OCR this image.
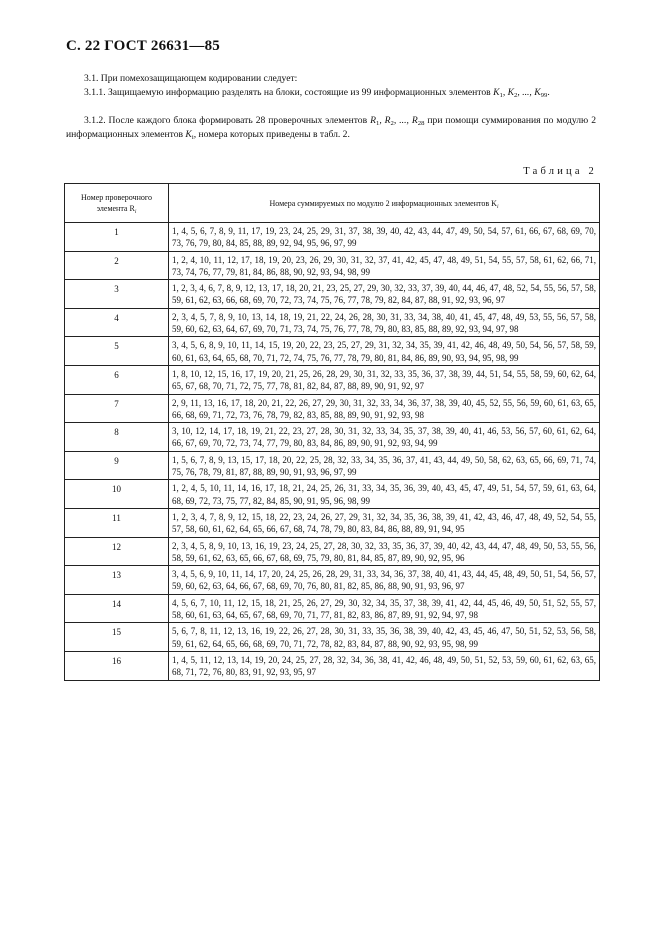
С. 22 ГОСТ 26631—85
3.1. При помехозащищающем кодировании следует:
3.1.1. Защищаемую информацию разделять на блоки, состоящие из 99 информационных элементов $K_1$, $K_2$, ..., $K_{99}$.
3.1.2. После каждого блока формировать 28 проверочных элементов $R_1$, $R_2$, ..., $R_{28}$ при помощи суммирования по модулю 2 информационных элементов $K_i$, номера которых приведены в табл. 2.
Таблица 2
Номер проверочного элемента $R_i$	Номера суммируемых по модулю 2 информационных элементов $K_i$
1	1, 4, 5, 6, 7, 8, 9, 11, 17, 19, 23, 24, 25, 29, 31, 37, 38, 39, 40, 42, 43, 44, 47, 49, 50, 54, 57, 61, 66, 67, 68, 69, 70, 73, 76, 79, 80, 84, 85, 88, 89, 92, 94, 95, 96, 97, 99
2	1, 2, 4, 10, 11, 12, 17, 18, 19, 20, 23, 26, 29, 30, 31, 32, 37, 41, 42, 45, 47, 48, 49, 51, 54, 55, 57, 58, 61, 62, 66, 71, 73, 74, 76, 77, 79, 81, 84, 86, 88, 90, 92, 93, 94, 98, 99
3	1, 2, 3, 4, 6, 7, 8, 9, 12, 13, 17, 18, 20, 21, 23, 25, 27, 29, 30, 32, 33, 37, 39, 40, 44, 46, 47, 48, 52, 54, 55, 56, 57, 58, 59, 61, 62, 63, 66, 68, 69, 70, 72, 73, 74, 75, 76, 77, 78, 79, 82, 84, 87, 88, 91, 92, 93, 96, 97
4	2, 3, 4, 5, 7, 8, 9, 10, 13, 14, 18, 19, 21, 22, 24, 26, 28, 30, 31, 33, 34, 38, 40, 41, 45, 47, 48, 49, 53, 55, 56, 57, 58, 59, 60, 62, 63, 64, 67, 69, 70, 71, 73, 74, 75, 76, 77, 78, 79, 80, 83, 85, 88, 89, 92, 93, 94, 97, 98
5	3, 4, 5, 6, 8, 9, 10, 11, 14, 15, 19, 20, 22, 23, 25, 27, 29, 31, 32, 34, 35, 39, 41, 42, 46, 48, 49, 50, 54, 56, 57, 58, 59, 60, 61, 63, 64, 65, 68, 70, 71, 72, 74, 75, 76, 77, 78, 79, 80, 81, 84, 86, 89, 90, 93, 94, 95, 98, 99
6	1, 8, 10, 12, 15, 16, 17, 19, 20, 21, 25, 26, 28, 29, 30, 31, 32, 33, 35, 36, 37, 38, 39, 44, 51, 54, 55, 58, 59, 60, 62, 64, 65, 67, 68, 70, 71, 72, 75, 77, 78, 81, 82, 84, 87, 88, 89, 90, 91, 92, 97
7	2, 9, 11, 13, 16, 17, 18, 20, 21, 22, 26, 27, 29, 30, 31, 32, 33, 34, 36, 37, 38, 39, 40, 45, 52, 55, 56, 59, 60, 61, 63, 65, 66, 68, 69, 71, 72, 73, 76, 78, 79, 82, 83, 85, 88, 89, 90, 91, 92, 93, 98
8	3, 10, 12, 14, 17, 18, 19, 21, 22, 23, 27, 28, 30, 31, 32, 33, 34, 35, 37, 38, 39, 40, 41, 46, 53, 56, 57, 60, 61, 62, 64, 66, 67, 69, 70, 72, 73, 74, 77, 79, 80, 83, 84, 86, 89, 90, 91, 92, 93, 94, 99
9	1, 5, 6, 7, 8, 9, 13, 15, 17, 18, 20, 22, 25, 28, 32, 33, 34, 35, 36, 37, 41, 43, 44, 49, 50, 58, 62, 63, 65, 66, 69, 71, 74, 75, 76, 78, 79, 81, 87, 88, 89, 90, 91, 93, 96, 97, 99
10	1, 2, 4, 5, 10, 11, 14, 16, 17, 18, 21, 24, 25, 26, 31, 33, 34, 35, 36, 39, 40, 43, 45, 47, 49, 51, 54, 57, 59, 61, 63, 64, 68, 69, 72, 73, 75, 77, 82, 84, 85, 90, 91, 95, 96, 98, 99
11	1, 2, 3, 4, 7, 8, 9, 12, 15, 18, 22, 23, 24, 26, 27, 29, 31, 32, 34, 35, 36, 38, 39, 41, 42, 43, 46, 47, 48, 49, 52, 54, 55, 57, 58, 60, 61, 62, 64, 65, 66, 67, 68, 74, 78, 79, 80, 83, 84, 86, 88, 89, 91, 94, 95
12	2, 3, 4, 5, 8, 9, 10, 13, 16, 19, 23, 24, 25, 27, 28, 30, 32, 33, 35, 36, 37, 39, 40, 42, 43, 44, 47, 48, 49, 50, 53, 55, 56, 58, 59, 61, 62, 63, 65, 66, 67, 68, 69, 75, 79, 80, 81, 84, 85, 87, 89, 90, 92, 95, 96
13	3, 4, 5, 6, 9, 10, 11, 14, 17, 20, 24, 25, 26, 28, 29, 31, 33, 34, 36, 37, 38, 40, 41, 43, 44, 45, 48, 49, 50, 51, 54, 56, 57, 59, 60, 62, 63, 64, 66, 67, 68, 69, 70, 76, 80, 81, 82, 85, 86, 88, 90, 91, 93, 96, 97
14	4, 5, 6, 7, 10, 11, 12, 15, 18, 21, 25, 26, 27, 29, 30, 32, 34, 35, 37, 38, 39, 41, 42, 44, 45, 46, 49, 50, 51, 52, 55, 57, 58, 60, 61, 63, 64, 65, 67, 68, 69, 70, 71, 77, 81, 82, 83, 86, 87, 89, 91, 92, 94, 97, 98
15	5, 6, 7, 8, 11, 12, 13, 16, 19, 22, 26, 27, 28, 30, 31, 33, 35, 36, 38, 39, 40, 42, 43, 45, 46, 47, 50, 51, 52, 53, 56, 58, 59, 61, 62, 64, 65, 66, 68, 69, 70, 71, 72, 78, 82, 83, 84, 87, 88, 90, 92, 93, 95, 98, 99
16	1, 4, 5, 11, 12, 13, 14, 19, 20, 24, 25, 27, 28, 32, 34, 36, 38, 41, 42, 46, 48, 49, 50, 51, 52, 53, 59, 60, 61, 62, 63, 65, 68, 71, 72, 76, 80, 83, 91, 92, 93, 95, 97
